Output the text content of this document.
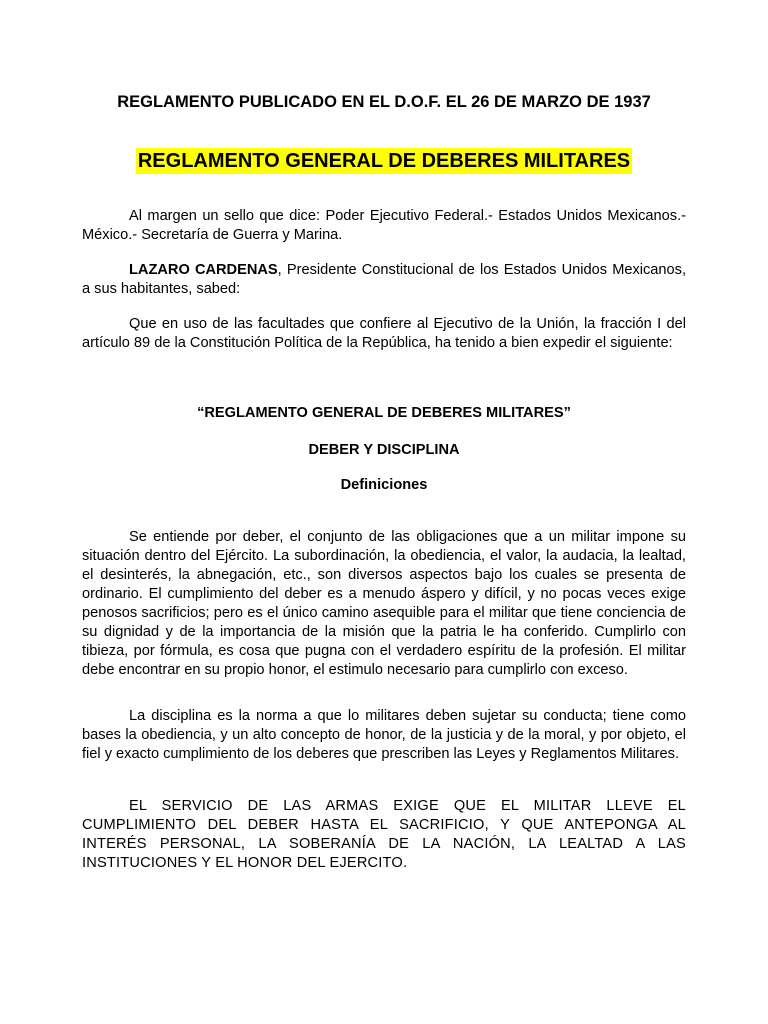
REGLAMENTO PUBLICADO EN EL D.O.F. EL 26 DE MARZO DE 1937
REGLAMENTO GENERAL DE DEBERES MILITARES

Al margen un sello que dice: Poder Ejecutivo Federal.- Estados Unidos Mexicanos.- México.- Secretaría de Guerra y Marina.

LAZARO CARDENAS, Presidente Constitucional de los Estados Unidos Mexicanos, a sus habitantes, sabed:

Que en uso de las facultades que confiere al Ejecutivo de la Unión, la fracción I del artículo 89 de la Constitución Política de la República, ha tenido a bien expedir el siguiente:

“REGLAMENTO GENERAL DE DEBERES MILITARES”
DEBER Y DISCIPLINA
Definiciones

Se entiende por deber, el conjunto de las obligaciones que a un militar impone su situación dentro del Ejército. La subordinación, la obediencia, el valor, la audacia, la lealtad, el desinterés, la abnegación, etc., son diversos aspectos bajo los cuales se presenta de ordinario. El cumplimiento del deber es a menudo áspero y difícil, y no pocas veces exige penosos sacrificios; pero es el único camino asequible para el militar que tiene conciencia de su dignidad y de la importancia de la misión que la patria le ha conferido. Cumplirlo con tibieza, por fórmula, es cosa que pugna con el verdadero espíritu de la profesión. El militar debe encontrar en su propio honor, el estimulo necesario para cumplirlo con exceso.

La disciplina es la norma a que lo militares deben sujetar su conducta; tiene como bases la obediencia, y un alto concepto de honor, de la justicia y de la moral, y por objeto, el fiel y exacto cumplimiento de los deberes que prescriben las Leyes y Reglamentos Militares.

EL SERVICIO DE LAS ARMAS EXIGE QUE EL MILITAR LLEVE EL CUMPLIMIENTO DEL DEBER HASTA EL SACRIFICIO, Y QUE ANTEPONGA AL INTERÉS PERSONAL, LA SOBERANÍA DE LA NACIÓN, LA LEALTAD A LAS INSTITUCIONES Y EL HONOR DEL EJERCITO.
